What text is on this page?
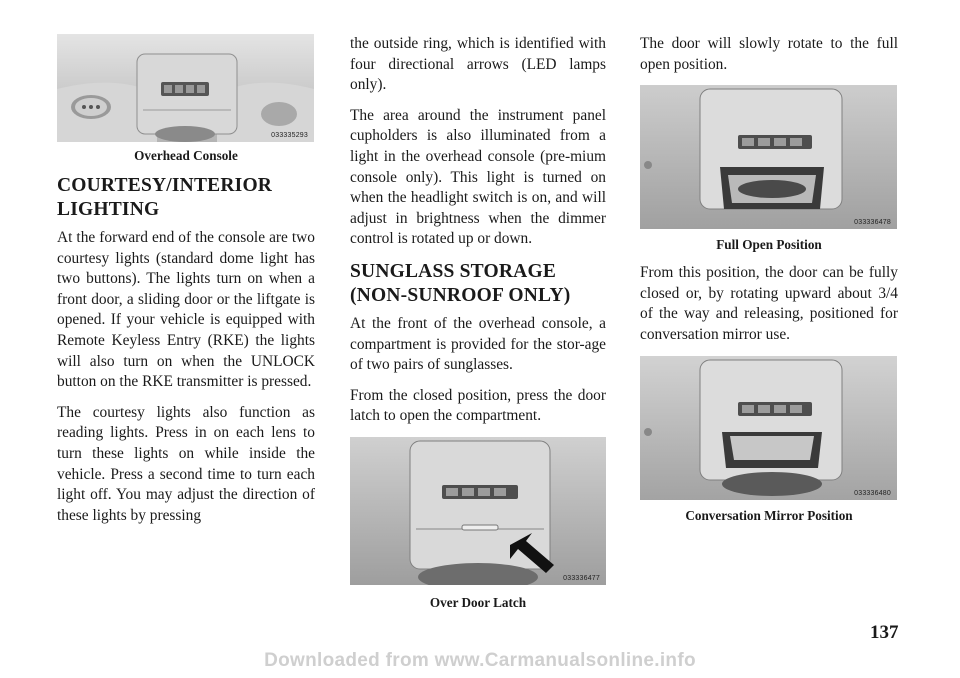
033335293
Overhead Console
COURTESY/INTERIOR LIGHTING

At the forward end of the console are two courtesy lights (standard dome light has two buttons). The lights turn on when a front door, a sliding door or the liftgate is opened. If your vehicle is equipped with Remote Keyless Entry (RKE) the lights will also turn on when the UNLOCK button on the RKE transmitter is pressed.

The courtesy lights also function as reading lights. Press in on each lens to turn these lights on while inside the vehicle. Press a second time to turn each light off. You may adjust the direction of these lights by pressing

the outside ring, which is identified with four directional arrows (LED lamps only).

The area around the instrument panel cupholders is also illuminated from a light in the overhead console (pre-mium console only). This light is turned on when the headlight switch is on, and will adjust in brightness when the dimmer control is rotated up or down.

SUNGLASS STORAGE (NON-SUNROOF ONLY)

At the front of the overhead console, a compartment is provided for the stor-age of two pairs of sunglasses.

From the closed position, press the door latch to open the compartment.

033336477
Over Door Latch

The door will slowly rotate to the full open position.

033336478
Full Open Position

From this position, the door can be fully closed or, by rotating upward about 3/4 of the way and releasing, positioned for conversation mirror use.

033336480
Conversation Mirror Position
137
Downloaded from www.Carmanualsonline.info
